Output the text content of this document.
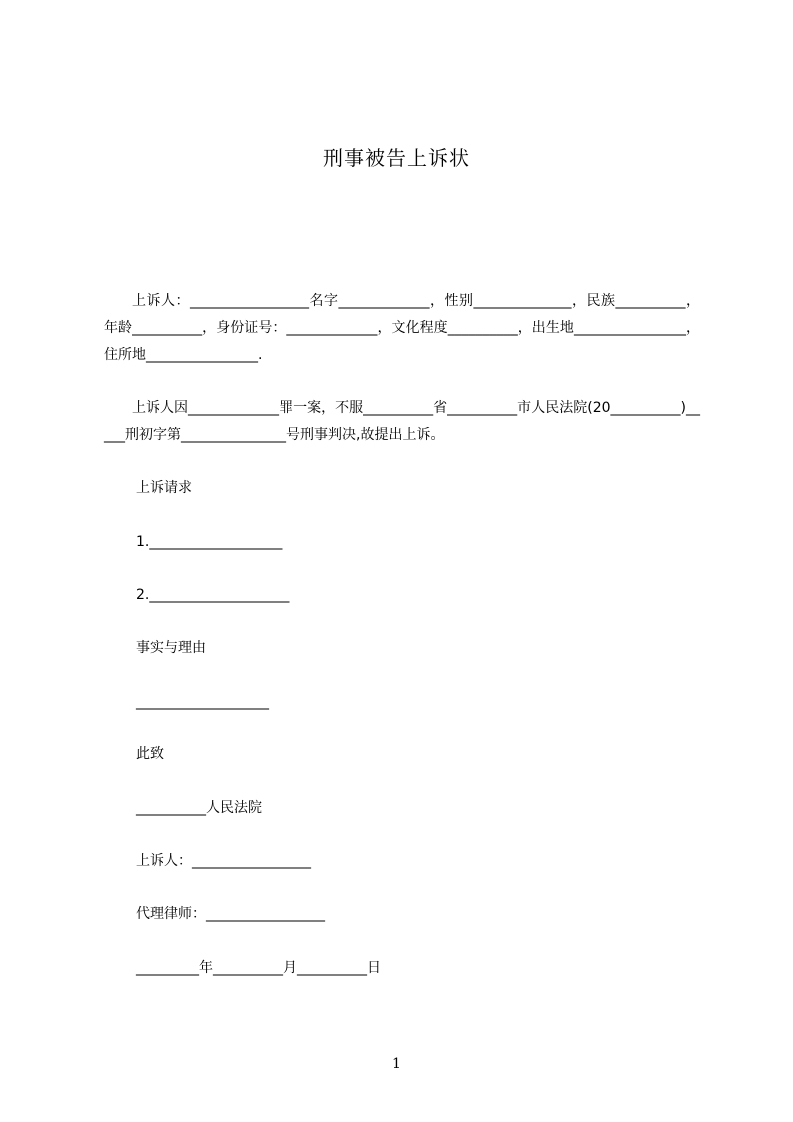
刑事被告上诉状
上诉人：_________________名字_____________，性别______________，民族__________，年龄__________，身份证号：_____________，文化程度__________，出生地________________，住所地________________.
上诉人因_____________罪一案，不服__________省__________市人民法院(20__________)_____刑初字第_______________号刑事判决,故提出上诉。
上诉请求
1.___________________
2.____________________
事实与理由
___________________
此致
__________人民法院
上诉人：_________________
代理律师：_________________
_________年__________月__________日
1
